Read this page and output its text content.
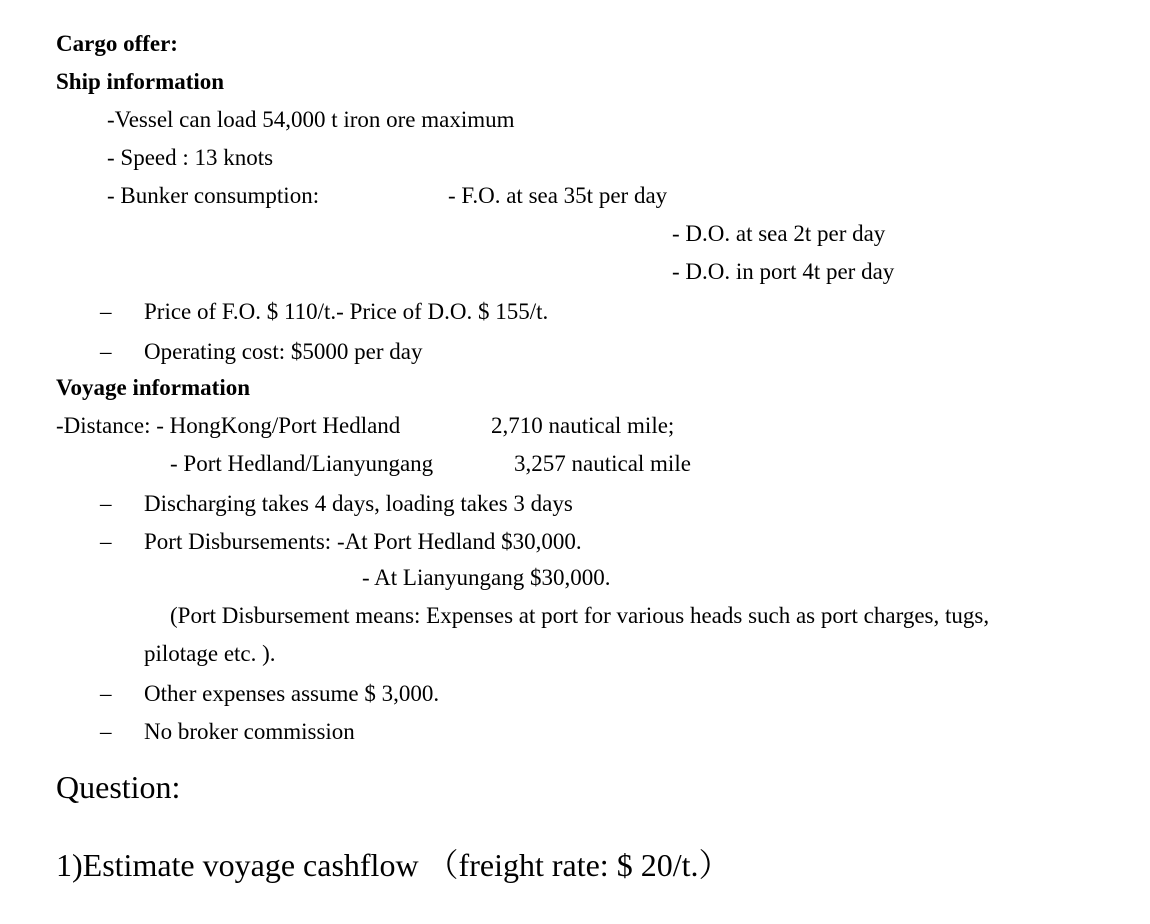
Cargo offer:
Ship information
-Vessel can load 54,000 t iron ore maximum
- Speed : 13 knots
- Bunker consumption:	- F.O. at sea 35t per day
- D.O. at sea 2t per day
- D.O. in port 4t per day
– Price of F.O. $ 110/t.- Price of D.O. $ 155/t.
– Operating cost: $5000 per day
Voyage information
-Distance: - HongKong/Port Hedland	2,710 nautical mile;
- Port Hedland/Lianyungang	3,257 nautical mile
– Discharging takes 4 days, loading takes 3 days
– Port Disbursements: -At Port Hedland $30,000.
- At Lianyungang $30,000.
(Port Disbursement means: Expenses at port for various heads such as port charges, tugs,
pilotage etc. ).
– Other expenses assume $ 3,000.
– No broker commission
Question:
1)Estimate voyage cashflow （freight rate: $ 20/t.）
